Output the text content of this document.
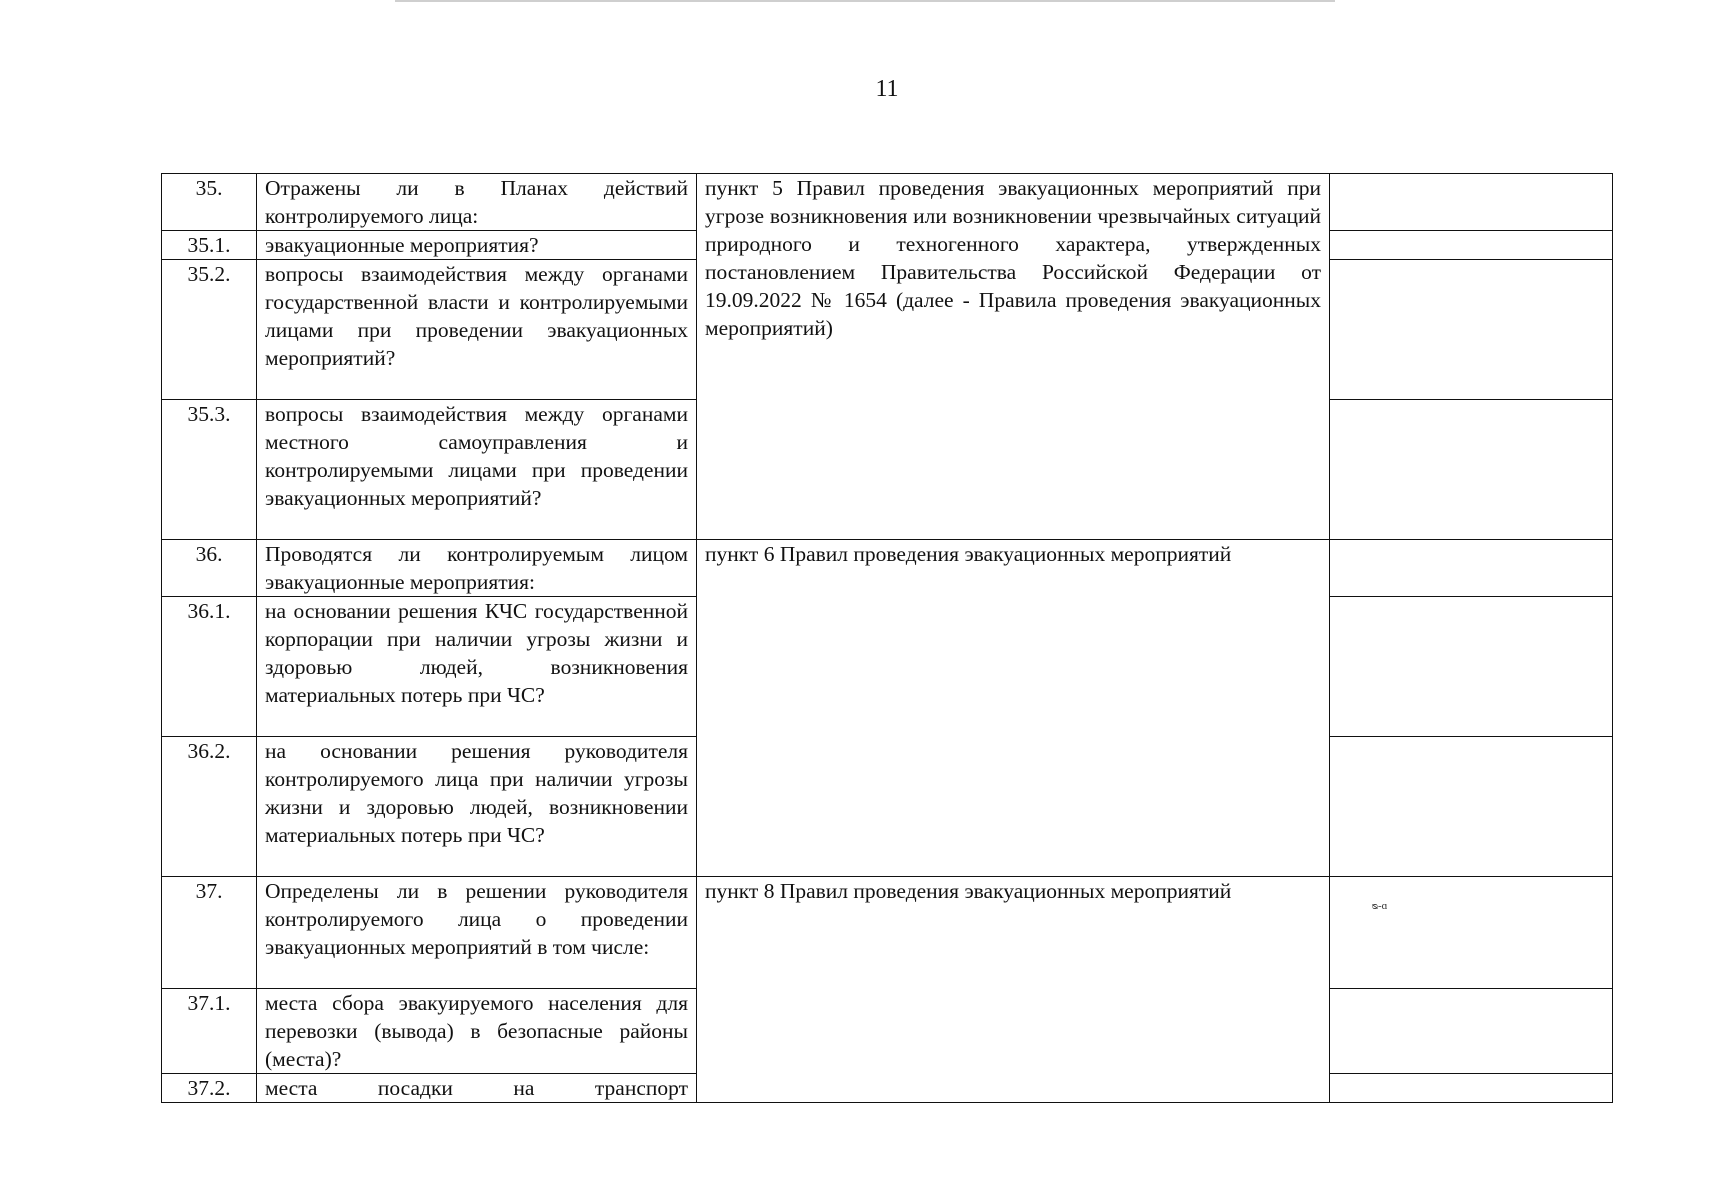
11
35.	Отражены ли в Планах действий контролируемого лица:	пункт 5 Правил проведения эвакуационных мероприятий при угрозе возникновения или возникновении чрезвычайных ситуаций природного и техногенного характера, утвержденных постановлением Правительства Российской Федерации от 19.09.2022 № 1654 (далее - Правила проведения эвакуационных мероприятий)	
35.1.	эвакуационные мероприятия?		
35.2.	вопросы взаимодействия между органами государственной власти и контролируемыми лицами при проведении эвакуационных мероприятий?		
35.3.	вопросы взаимодействия между органами местного самоуправления и контролируемыми лицами при проведении эвакуационных мероприятий?		
36.	Проводятся ли контролируемым лицом эвакуационные мероприятия:	пункт 6 Правил проведения эвакуационных мероприятий	
36.1.	на основании решения КЧС государственной корпорации при наличии угрозы жизни и здоровью людей, возникновения материальных потерь при ЧС?		
36.2.	на основании решения руководителя контролируемого лица при наличии угрозы жизни и здоровью людей, возникновении материальных потерь при ЧС?		
37.	Определены ли в решении руководителя контролируемого лица о проведении эвакуационных мероприятий в том числе:	пункт 8 Правил проведения эвакуационных мероприятий	
37.1.	места сбора эвакуируемого населения для перевозки (вывода) в безопасные районы (места)?		
37.2.	места посадки на транспорт		
ᴓ-ɑ
